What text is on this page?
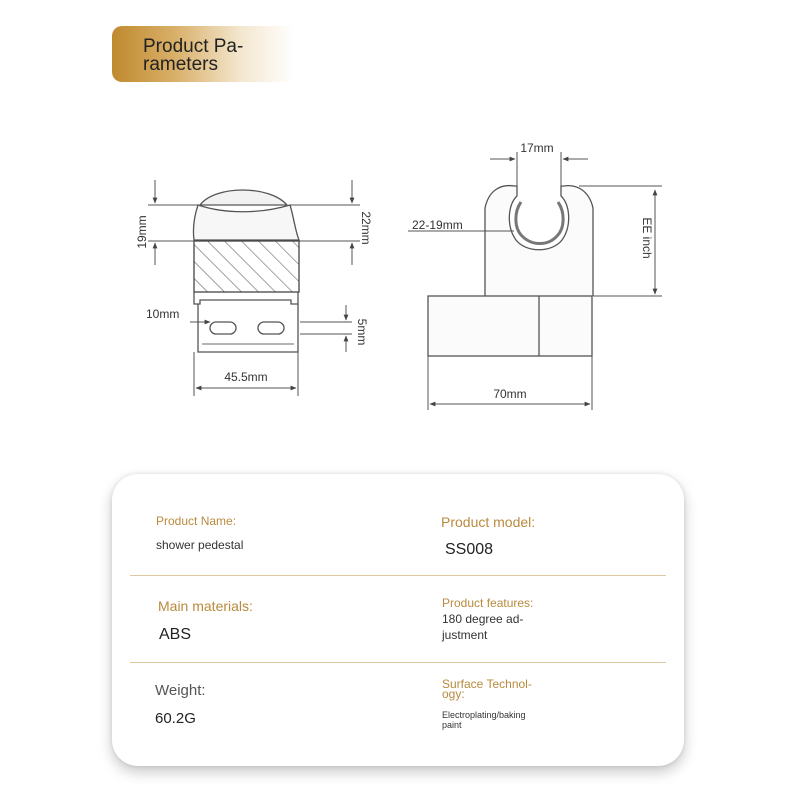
Product Pa-
rameters
19mm	22mm
10mm
5mm
45.5mm
17mm
22-19mm	EE inch
70mm
Product Name:
shower pedestal
Product model:
SS008
Main materials:
ABS
Product features:
180 degree ad-
justment
Weight:
60.2G
Surface Technol-
ogy:
Electroplating/baking
paint
